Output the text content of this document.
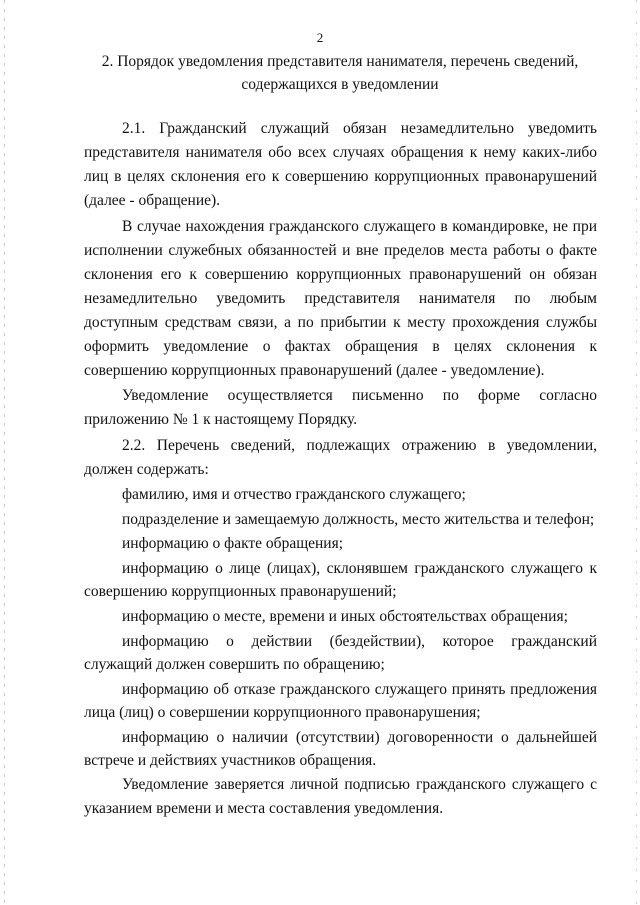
2
2. Порядок уведомления представителя нанимателя, перечень сведений,
содержащихся в уведомлении

2.1. Гражданский служащий обязан незамедлительно уведомить представителя нанимателя обо всех случаях обращения к нему каких-либо лиц в целях склонения его к совершению коррупционных правонарушений (далее - обращение).

В случае нахождения гражданского служащего в командировке, не при исполнении служебных обязанностей и вне пределов места работы о факте склонения его к совершению коррупционных правонарушений он обязан незамедлительно уведомить представителя нанимателя по любым доступным средствам связи, а по прибытии к месту прохождения службы оформить уведомление о фактах обращения в целях склонения к совершению коррупционных правонарушений (далее - уведомление).

Уведомление осуществляется письменно по форме согласно приложению № 1 к настоящему Порядку.

2.2. Перечень сведений, подлежащих отражению в уведомлении, должен содержать:

фамилию, имя и отчество гражданского служащего;

подразделение и замещаемую должность, место жительства и телефон;

информацию о факте обращения;

информацию о лице (лицах), склонявшем гражданского служащего к совершению коррупционных правонарушений;

информацию о месте, времени и иных обстоятельствах обращения;

информацию о действии (бездействии), которое гражданский служащий должен совершить по обращению;

информацию об отказе гражданского служащего принять предложения лица (лиц) о совершении коррупционного правонарушения;

информацию о наличии (отсутствии) договоренности о дальнейшей встрече и действиях участников обращения.

Уведомление заверяется личной подписью гражданского служащего с указанием времени и места составления уведомления.
